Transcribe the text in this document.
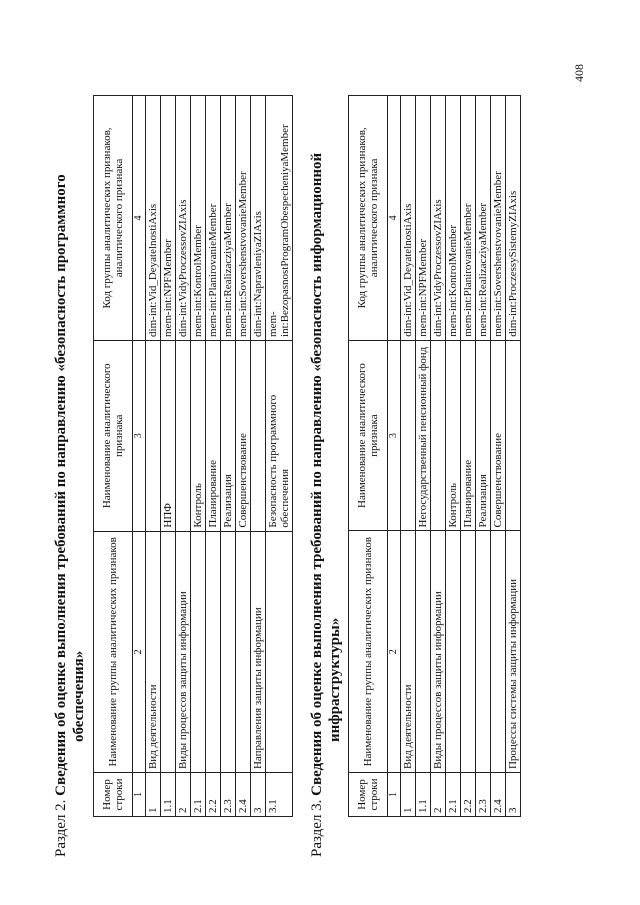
Раздел 2. Сведения об оценке выполнения требований по направлению «безопасность программного обеспечения»
Номер строки	Наименование группы аналитических признаков	Наименование аналитического признака	Код группы аналитических признаков, аналитического признака
1	2	3	4
1	Вид деятельности		dim-int:Vid_DeyatelnostiAxis
1.1		НПФ	mem-int:NPFMember
2	Виды процессов защиты информации		dim-int:VidyProczessovZIAxis
2.1		Контроль	mem-int:KontrolMember
2.2		Планирование	mem-int:PlanirovanieMember
2.3		Реализация	mem-int:RealizacziyaMember
2.4		Совершенствование	mem-int:SovershenstvovanieMember
3	Направления защиты информации		dim-int:NapravleniyaZIAxis
3.1		Безопасность программного обеспечения	mem-int:BezopasnostProgramObespecheniyaMember
Раздел 3. Сведения об оценке выполнения требований по направлению «безопасность информационной инфраструктуры»
Номер строки	Наименование группы аналитических признаков	Наименование аналитического признака	Код группы аналитических признаков, аналитического признака
1	2	3	4
1	Вид деятельности		dim-int:Vid_DeyatelnostiAxis
1.1		Негосударственный пенсионный фонд	mem-int:NPFMember
2	Виды процессов защиты информации		dim-int:VidyProczessovZIAxis
2.1		Контроль	mem-int:KontrolMember
2.2		Планирование	mem-int:PlanirovanieMember
2.3		Реализация	mem-int:RealizacziyaMember
2.4		Совершенствование	mem-int:SovershenstvovanieMember
3	Процессы системы защиты информации		dim-int:ProczessySistemyZIAxis
408
